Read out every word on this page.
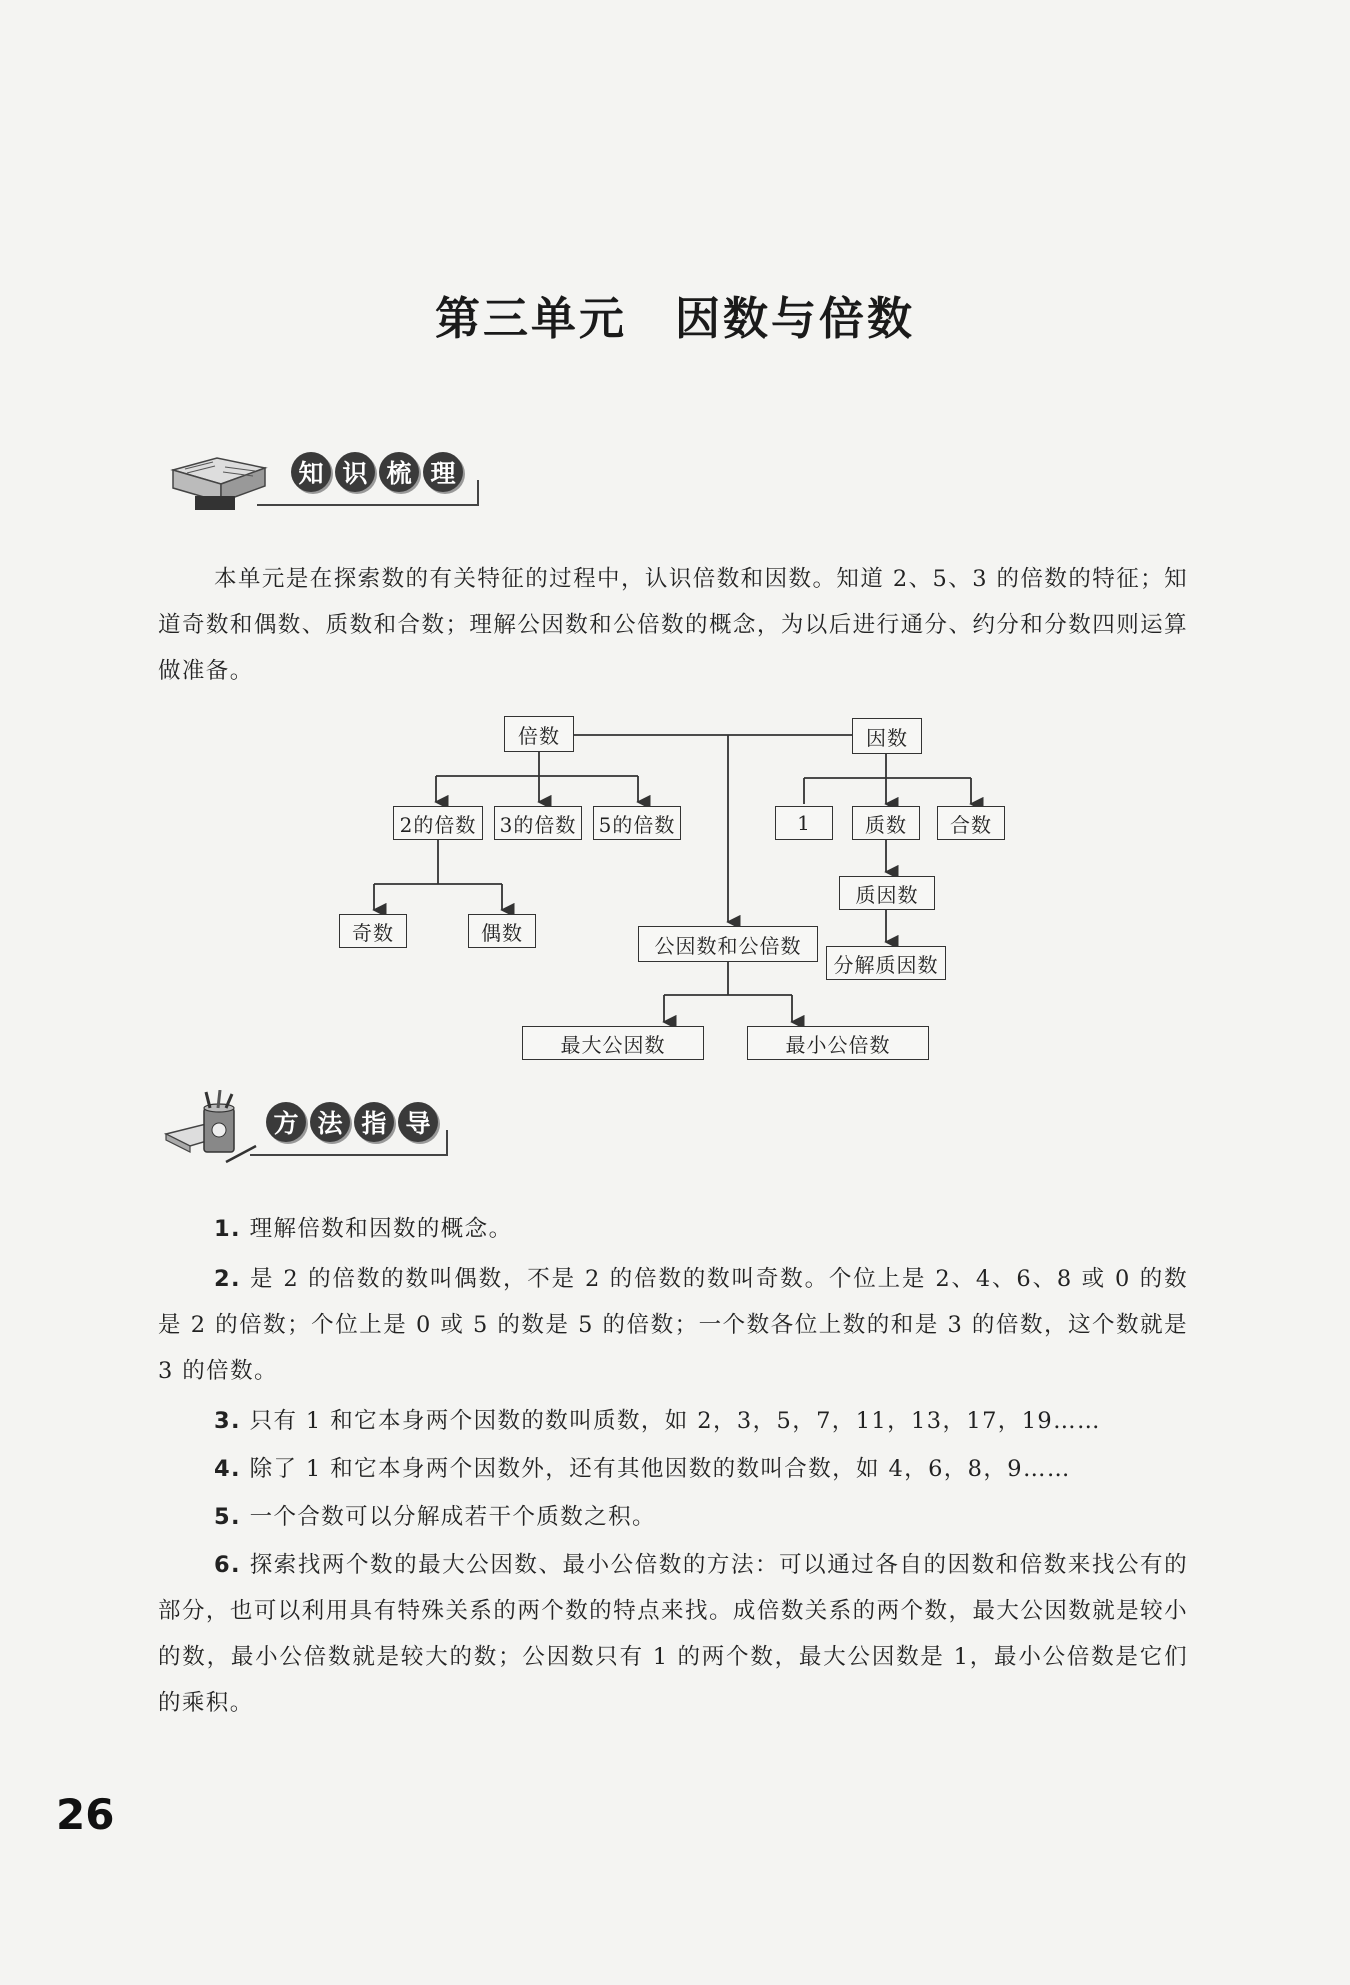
第三单元　因数与倍数
知 识 梳 理
本单元是在探索数的有关特征的过程中，认识倍数和因数。知道 2、5、3 的倍数的特征；知道奇数和偶数、质数和合数；理解公因数和公倍数的概念，为以后进行通分、约分和分数四则运算做准备。
倍数	因数
2的倍数	3的倍数 5的倍数	1	质数	合数
奇数	偶数
质因数
公因数和公倍数
分解质因数
最大公因数	最小公倍数
方 法 指 导
1. 理解倍数和因数的概念。
2. 是 2 的倍数的数叫偶数，不是 2 的倍数的数叫奇数。个位上是 2、4、6、8 或 0 的数是 2 的倍数；个位上是 0 或 5 的数是 5 的倍数；一个数各位上数的和是 3 的倍数，这个数就是 3 的倍数。
3. 只有 1 和它本身两个因数的数叫质数，如 2，3，5，7，11，13，17，19……
4. 除了 1 和它本身两个因数外，还有其他因数的数叫合数，如 4，6，8，9……
5. 一个合数可以分解成若干个质数之积。
6. 探索找两个数的最大公因数、最小公倍数的方法：可以通过各自的因数和倍数来找公有的部分，也可以利用具有特殊关系的两个数的特点来找。成倍数关系的两个数，最大公因数就是较小的数，最小公倍数就是较大的数；公因数只有 1 的两个数，最大公因数是 1，最小公倍数是它们的乘积。
26
